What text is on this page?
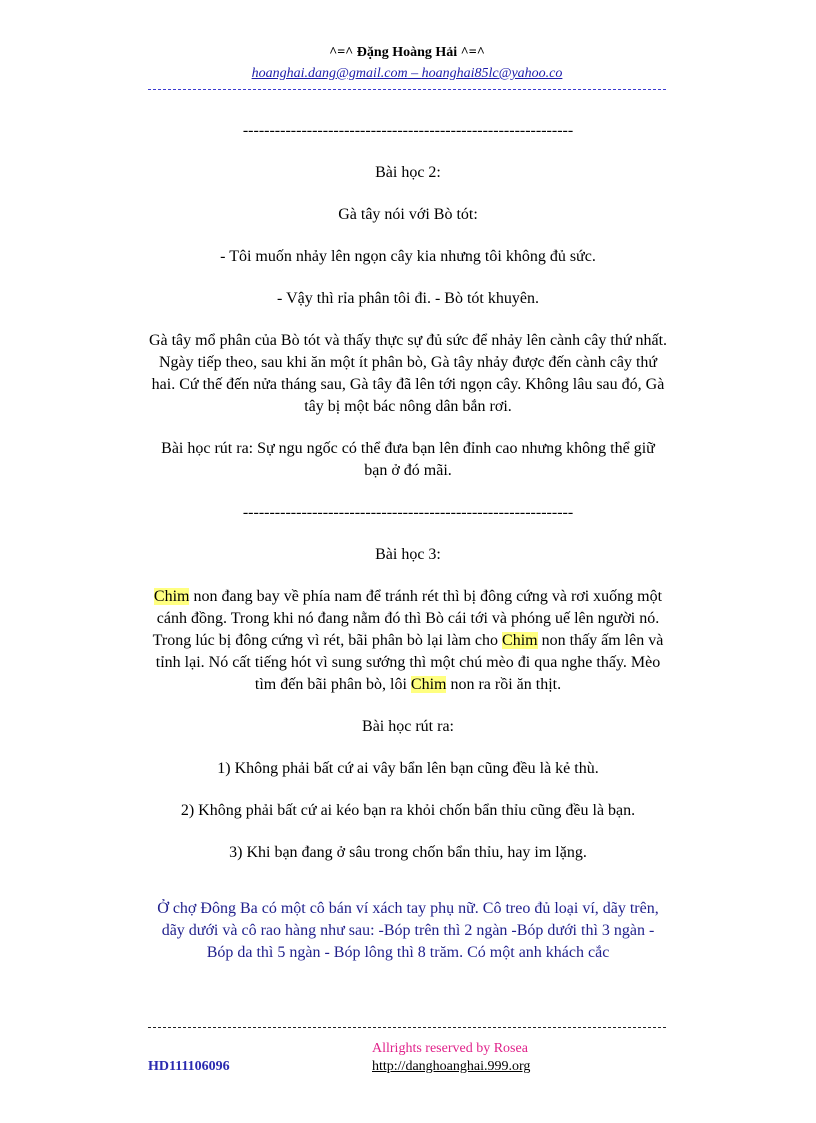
^=^ Đặng Hoàng Hải ^=^
hoanghai.dang@gmail.com – hoanghai85lc@yahoo.co

--------------------------------------------------------------

Bài học 2:

Gà tây nói với Bò tót:

- Tôi muốn nhảy lên ngọn cây kia nhưng tôi không đủ sức.

- Vậy thì rỉa phân tôi đi. - Bò tót khuyên.

Gà tây mổ phân của Bò tót và thấy thực sự đủ sức để nhảy lên cành cây thứ nhất. Ngày tiếp theo, sau khi ăn một ít phân bò, Gà tây nhảy được đến cành cây thứ hai. Cứ thế đến nửa tháng sau, Gà tây đã lên tới ngọn cây. Không lâu sau đó, Gà tây bị một bác nông dân bắn rơi.

Bài học rút ra: Sự ngu ngốc có thể đưa bạn lên đỉnh cao nhưng không thể giữ bạn ở đó mãi.

--------------------------------------------------------------

Bài học 3:

Chim non đang bay về phía nam để tránh rét thì bị đông cứng và rơi xuống một cánh đồng. Trong khi nó đang nằm đó thì Bò cái tới và phóng uế lên người nó. Trong lúc bị đông cứng vì rét, bãi phân bò lại làm cho Chim non thấy ấm lên và tỉnh lại. Nó cất tiếng hót vì sung sướng thì một chú mèo đi qua nghe thấy. Mèo tìm đến bãi phân bò, lôi Chim non ra rồi ăn thịt.

Bài học rút ra:

1) Không phải bất cứ ai vây bẩn lên bạn cũng đều là kẻ thù.

2) Không phải bất cứ ai kéo bạn ra khỏi chốn bẩn thỉu cũng đều là bạn.

3) Khi bạn đang ở sâu trong chốn bẩn thỉu, hay im lặng.

Ở chợ Đông Ba có một cô bán ví xách tay phụ nữ. Cô treo đủ loại ví, dãy trên, dãy dưới và cô rao hàng như sau: -Bóp trên thì 2 ngàn -Bóp dưới thì 3 ngàn - Bóp da thì 5 ngàn - Bóp lông thì 8 trăm. Có một anh khách cắc

Allrights reserved by Rosea
HD111106096	http://danghoanghai.999.org
